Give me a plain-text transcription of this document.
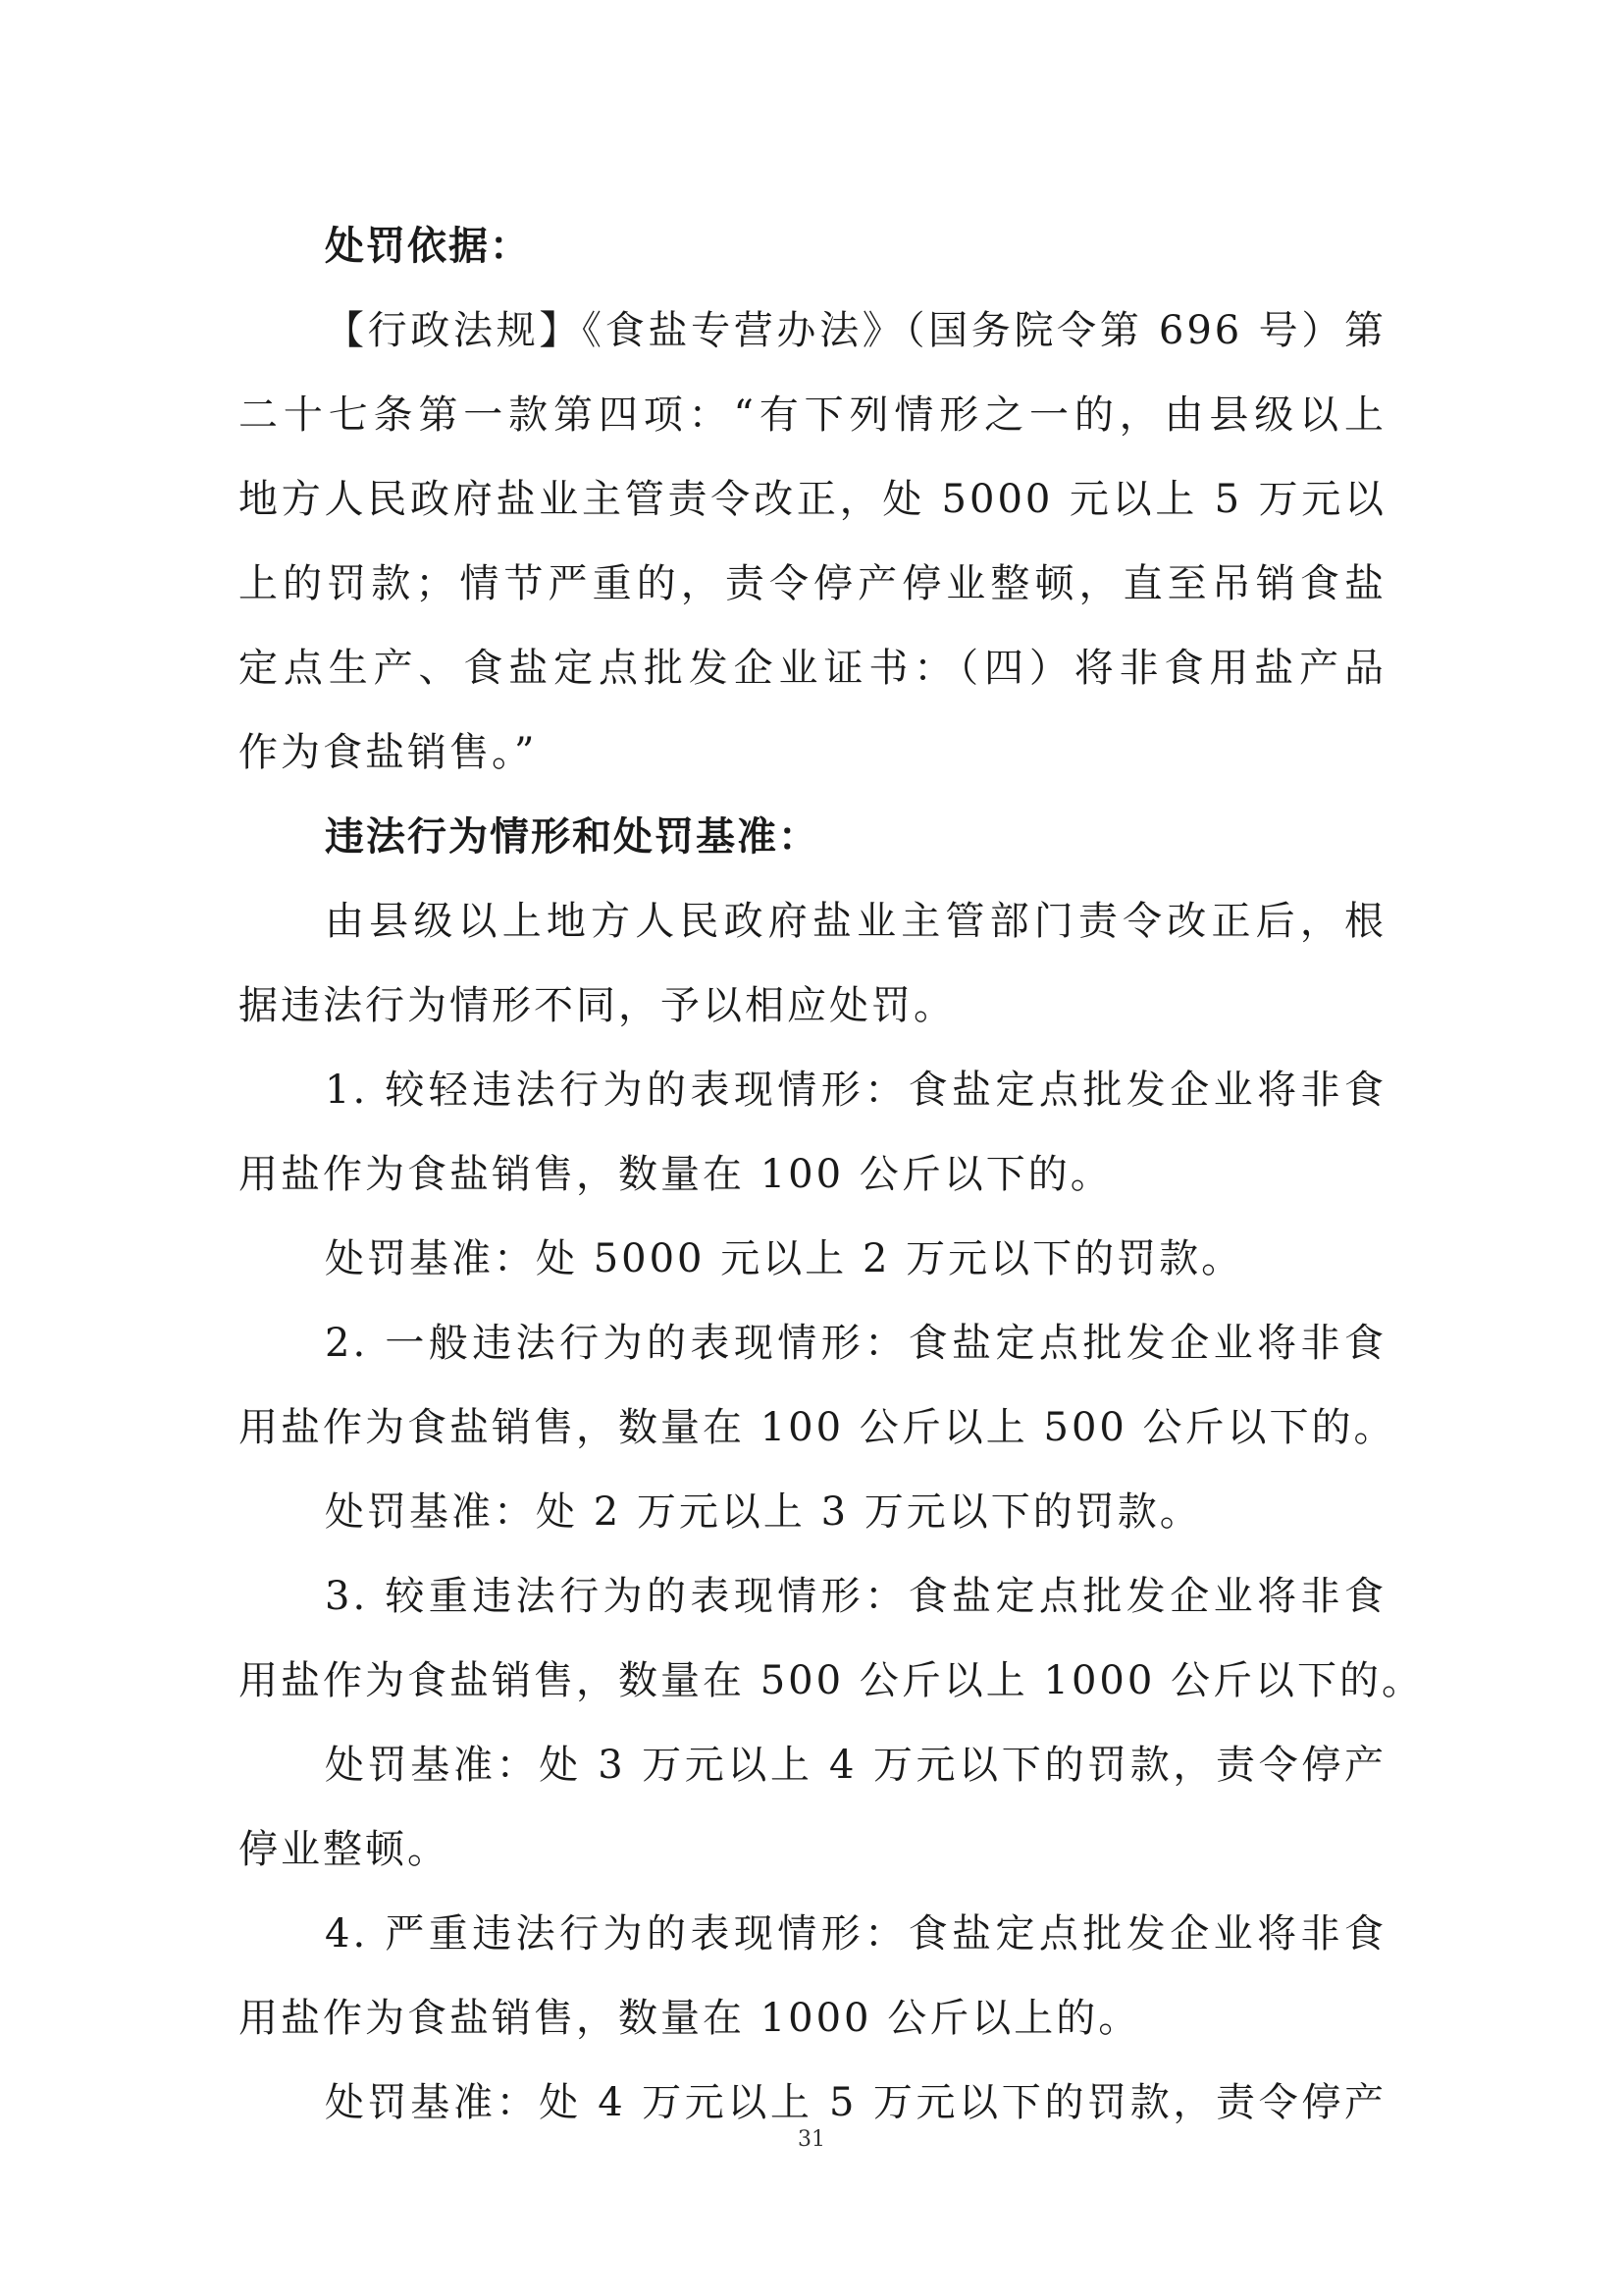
处罚依据：
【行政法规】《食盐专营办法》（国务院令第 696 号）第
二十七条第一款第四项：“有下列情形之一的，由县级以上
地方人民政府盐业主管责令改正，处 5000 元以上 5 万元以
上的罚款；情节严重的，责令停产停业整顿，直至吊销食盐
定点生产、食盐定点批发企业证书：（四）将非食用盐产品
作为食盐销售。”
违法行为情形和处罚基准：
由县级以上地方人民政府盐业主管部门责令改正后，根
据违法行为情形不同，予以相应处罚。
1. 较轻违法行为的表现情形：食盐定点批发企业将非食
用盐作为食盐销售，数量在 100 公斤以下的。
处罚基准：处 5000 元以上 2 万元以下的罚款。
2. 一般违法行为的表现情形：食盐定点批发企业将非食
用盐作为食盐销售，数量在 100 公斤以上 500 公斤以下的。
处罚基准：处 2 万元以上 3 万元以下的罚款。
3. 较重违法行为的表现情形：食盐定点批发企业将非食
用盐作为食盐销售，数量在 500 公斤以上 1000 公斤以下的。
处罚基准：处 3 万元以上 4 万元以下的罚款，责令停产
停业整顿。
4. 严重违法行为的表现情形：食盐定点批发企业将非食
用盐作为食盐销售，数量在 1000 公斤以上的。
处罚基准：处 4 万元以上 5 万元以下的罚款，责令停产
31
